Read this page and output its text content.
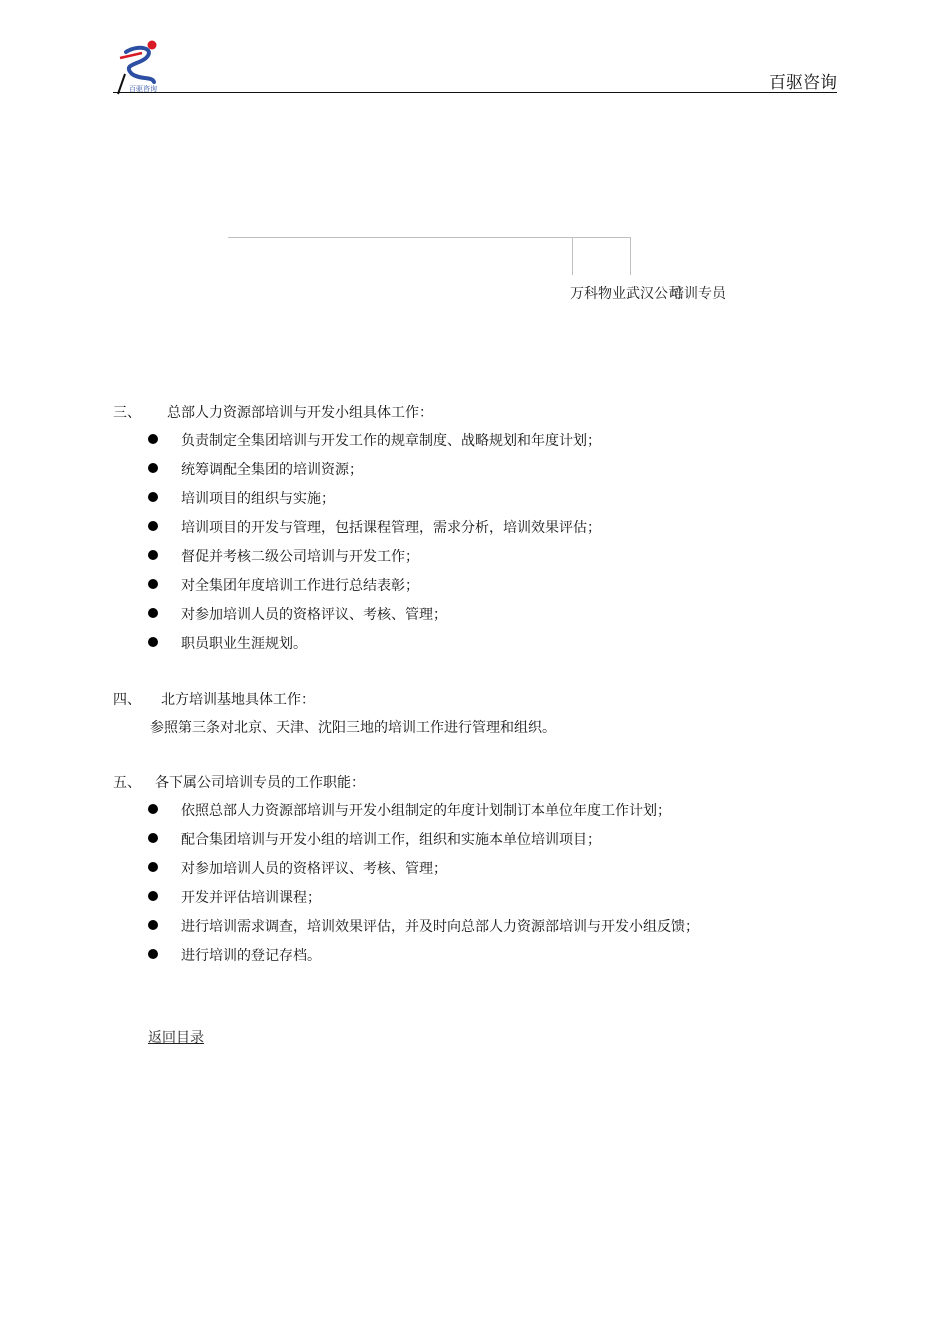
百驱咨询	百驱咨询
万科物业武汉公司
培训专员
三、 总部人力资源部培训与开发小组具体工作：
负责制定全集团培训与开发工作的规章制度、战略规划和年度计划；
统筹调配全集团的培训资源；
培训项目的组织与实施；
培训项目的开发与管理，包括课程管理，需求分析，培训效果评估；
督促并考核二级公司培训与开发工作；
对全集团年度培训工作进行总结表彰；
对参加培训人员的资格评议、考核、管理；
职员职业生涯规划。
四、 北方培训基地具体工作：
参照第三条对北京、天津、沈阳三地的培训工作进行管理和组织。
五、 各下属公司培训专员的工作职能：
依照总部人力资源部培训与开发小组制定的年度计划制订本单位年度工作计划；
配合集团培训与开发小组的培训工作，组织和实施本单位培训项目；
对参加培训人员的资格评议、考核、管理；
开发并评估培训课程；
进行培训需求调查，培训效果评估，并及时向总部人力资源部培训与开发小组反馈；
进行培训的登记存档。
返回目录
